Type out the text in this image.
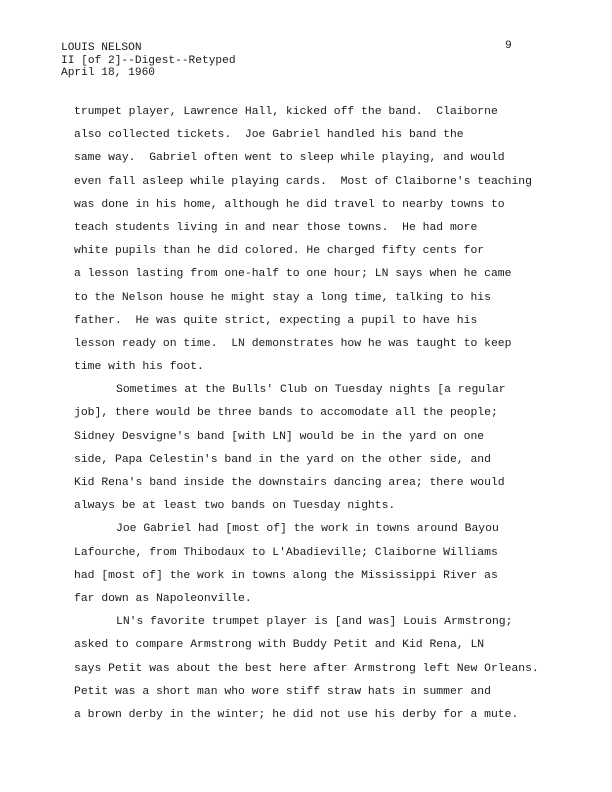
LOUIS NELSON
II [of 2]--Digest--Retyped
April 18, 1960
9
trumpet player, Lawrence Hall, kicked off the band.  Claiborne
also collected tickets.  Joe Gabriel handled his band the
same way.  Gabriel often went to sleep while playing, and would
even fall asleep while playing cards.  Most of Claiborne's teaching
was done in his home, although he did travel to nearby towns to
teach students living in and near those towns.  He had more
white pupils than he did colored. He charged fifty cents for
a lesson lasting from one-half to one hour; LN says when he came
to the Nelson house he might stay a long time, talking to his
father.  He was quite strict, expecting a pupil to have his
lesson ready on time.  LN demonstrates how he was taught to keep
time with his foot.
Sometimes at the Bulls' Club on Tuesday nights [a regular
job], there would be three bands to accomodate all the people;
Sidney Desvigne's band [with LN] would be in the yard on one
side, Papa Celestin's band in the yard on the other side, and
Kid Rena's band inside the downstairs dancing area; there would
always be at least two bands on Tuesday nights.
Joe Gabriel had [most of] the work in towns around Bayou
Lafourche, from Thibodaux to L'Abadieville; Claiborne Williams
had [most of] the work in towns along the Mississippi River as
far down as Napoleonville.
LN's favorite trumpet player is [and was] Louis Armstrong;
asked to compare Armstrong with Buddy Petit and Kid Rena, LN
says Petit was about the best here after Armstrong left New Orleans.
Petit was a short man who wore stiff straw hats in summer and
a brown derby in the winter; he did not use his derby for a mute.
